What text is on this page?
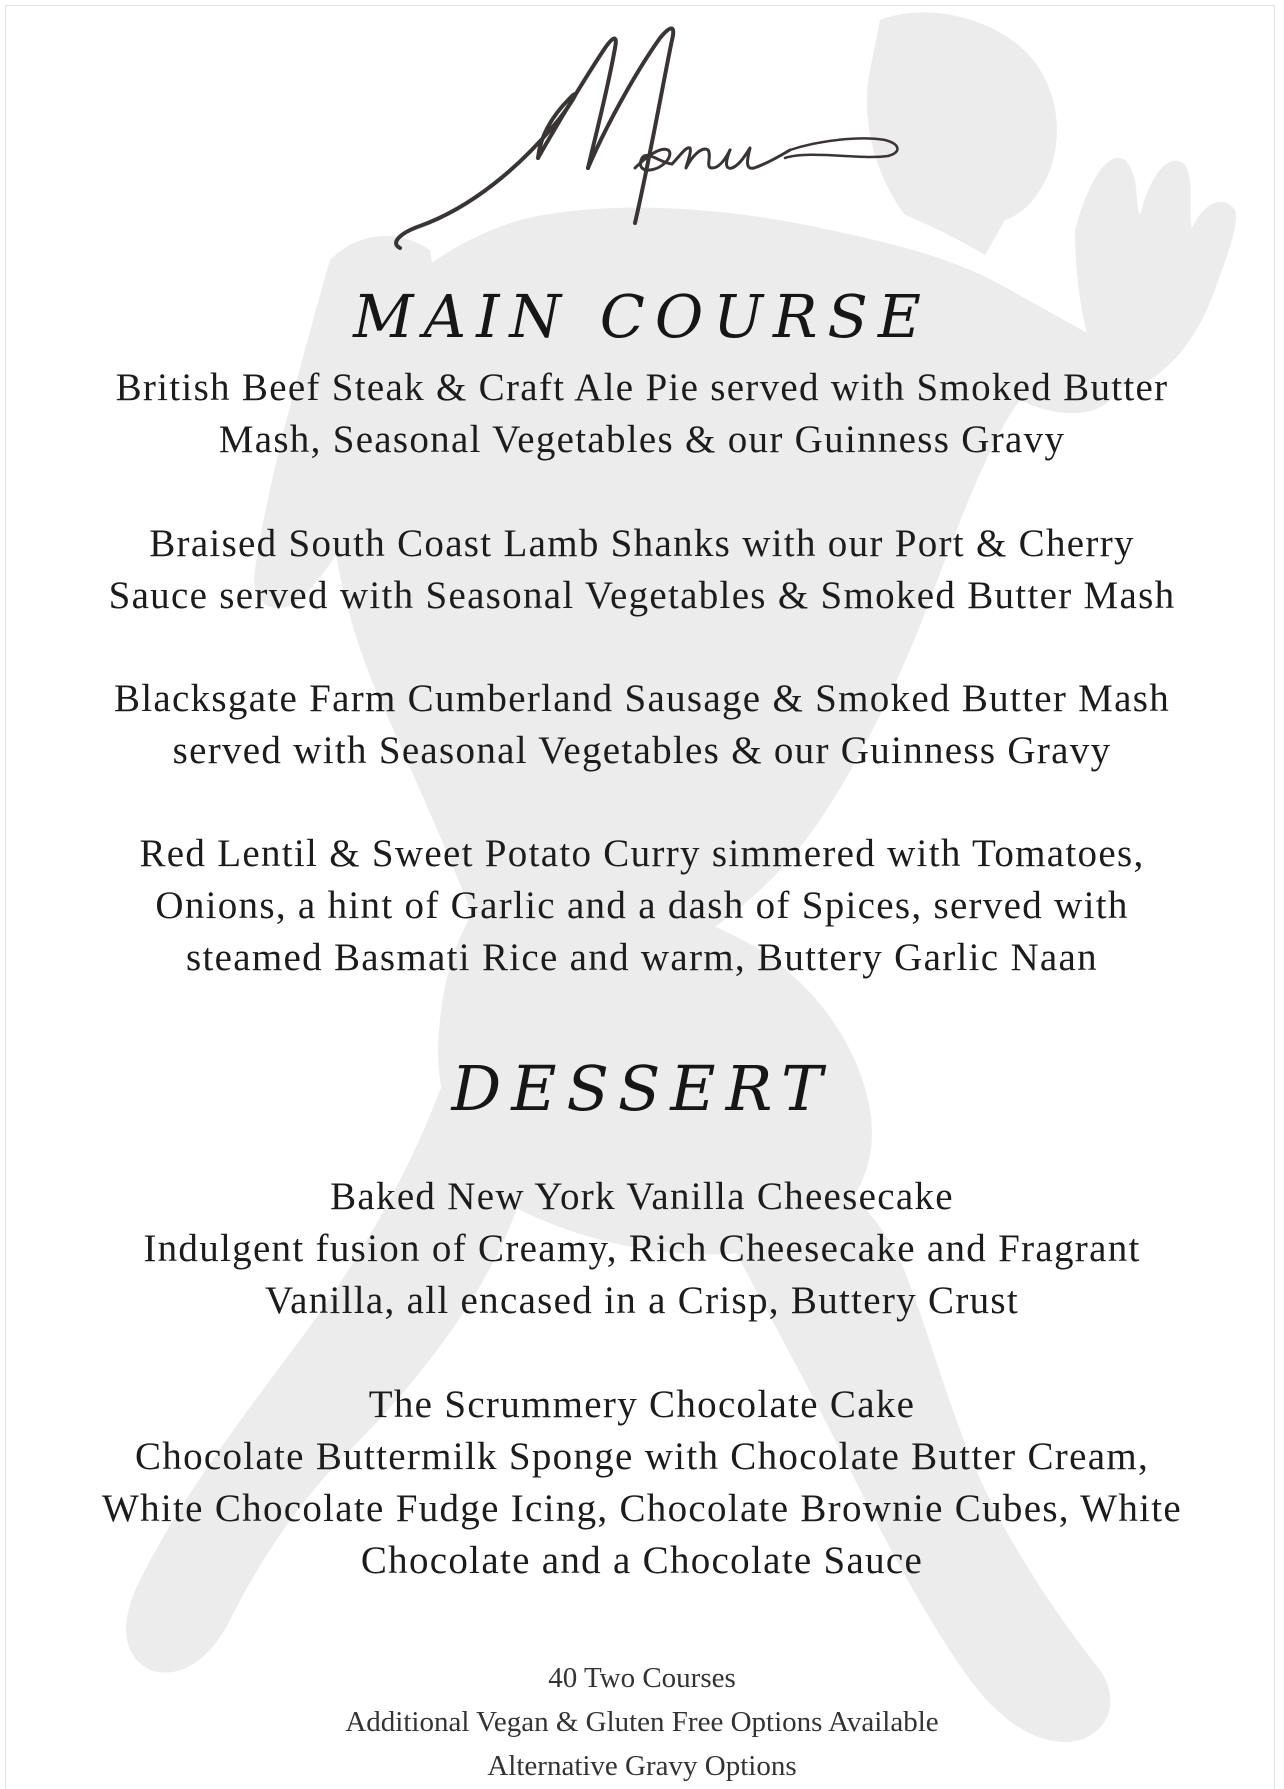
MAIN COURSE

British Beef Steak & Craft Ale Pie served with Smoked Butter
Mash, Seasonal Vegetables & our Guinness Gravy

Braised South Coast Lamb Shanks with our Port & Cherry
Sauce served with Seasonal Vegetables & Smoked Butter Mash

Blacksgate Farm Cumberland Sausage & Smoked Butter Mash
served with Seasonal Vegetables & our Guinness Gravy

Red Lentil & Sweet Potato Curry simmered with Tomatoes,
Onions, a hint of Garlic and a dash of Spices, served with
steamed Basmati Rice and warm, Buttery Garlic Naan

DESSERT

Baked New York Vanilla Cheesecake
Indulgent fusion of Creamy, Rich Cheesecake and Fragrant
Vanilla, all encased in a Crisp, Buttery Crust

The Scrummery Chocolate Cake
Chocolate Buttermilk Sponge with Chocolate Butter Cream,
White Chocolate Fudge Icing, Chocolate Brownie Cubes, White
Chocolate and a Chocolate Sauce

40 Two Courses
Additional Vegan & Gluten Free Options Available
Alternative Gravy Options
